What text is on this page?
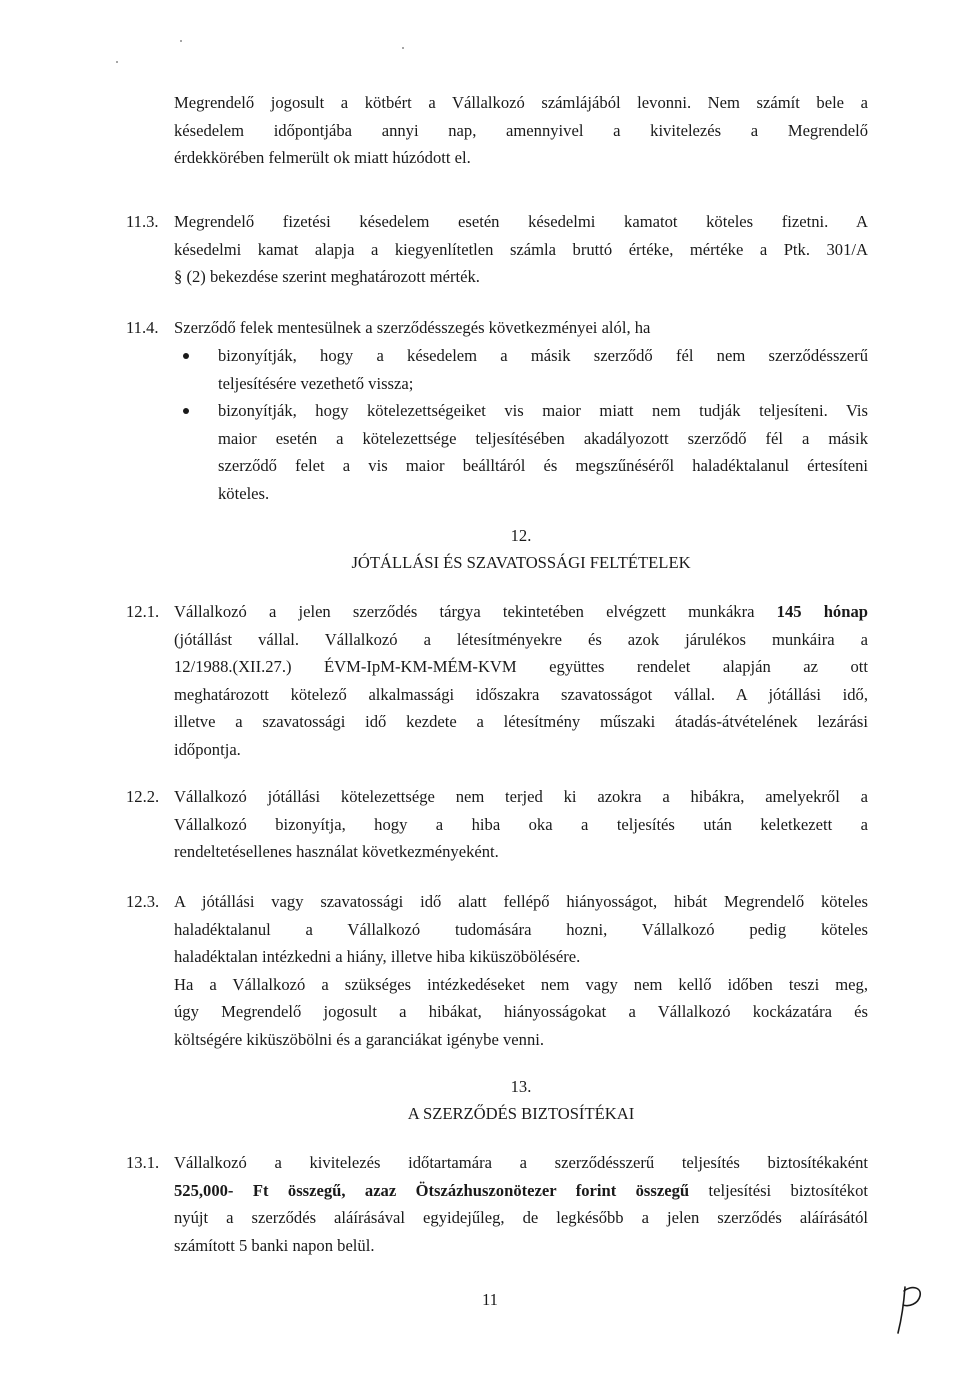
Megrendelő jogosult a kötbért a Vállalkozó számlájából levonni. Nem számít bele a
késedelem időpontjába annyi nap, amennyivel a kivitelezés a Megrendelő
érdekkörében felmerült ok miatt húzódott el.
11.3. Megrendelő fizetési késedelem esetén késedelmi kamatot köteles fizetni. A
késedelmi kamat alapja a kiegyenlítetlen számla bruttó értéke, mértéke a Ptk. 301/A
§ (2) bekezdése szerint meghatározott mérték.
11.4. Szerződő felek mentesülnek a szerződésszegés következményei alól, ha
bizonyítják, hogy a késedelem a másik szerződő fél nem szerződésszerű
teljesítésére vezethető vissza;
bizonyítják, hogy kötelezettségeiket vis maior miatt nem tudják teljesíteni. Vis
maior esetén a kötelezettsége teljesítésében akadályozott szerződő fél a másik
szerződő felet a vis maior beálltáról és megszűnéséről haladéktalanul értesíteni
köteles.
12.
JÓTÁLLÁSI ÉS SZAVATOSSÁGI FELTÉTELEK
12.1. Vállalkozó a jelen szerződés tárgya tekintetében elvégzett munkákra 145 hónap
(jótállást vállal. Vállalkozó a létesítményekre és azok járulékos munkáira a
12/1988.(XII.27.) ÉVM-IpM-KM-MÉM-KVM együttes rendelet alapján az ott
meghatározott kötelező alkalmassági időszakra szavatosságot vállal. A jótállási idő,
illetve a szavatossági idő kezdete a létesítmény műszaki átadás-átvételének lezárási
időpontja.
12.2. Vállalkozó jótállási kötelezettsége nem terjed ki azokra a hibákra, amelyekről a
Vállalkozó bizonyítja, hogy a hiba oka a teljesítés után keletkezett a
rendeltetésellenes használat következményeként.
12.3. A jótállási vagy szavatossági idő alatt fellépő hiányosságot, hibát Megrendelő köteles
haladéktalanul a Vállalkozó tudomására hozni, Vállalkozó pedig köteles
haladéktalan intézkedni a hiány, illetve hiba kiküszöbölésére.
Ha a Vállalkozó a szükséges intézkedéseket nem vagy nem kellő időben teszi meg,
úgy Megrendelő jogosult a hibákat, hiányosságokat a Vállalkozó kockázatára és
költségére kiküszöbölni és a garanciákat igénybe venni.
13.
A SZERZŐDÉS BIZTOSÍTÉKAI
13.1. Vállalkozó a kivitelezés időtartamára a szerződésszerű teljesítés biztosítékaként
525,000- Ft összegű, azaz Ötszázhuszonötezer forint összegű teljesítési biztosítékot
nyújt a szerződés aláírásával egyidejűleg, de legkésőbb a jelen szerződés aláírásától
számított 5 banki napon belül.
11
